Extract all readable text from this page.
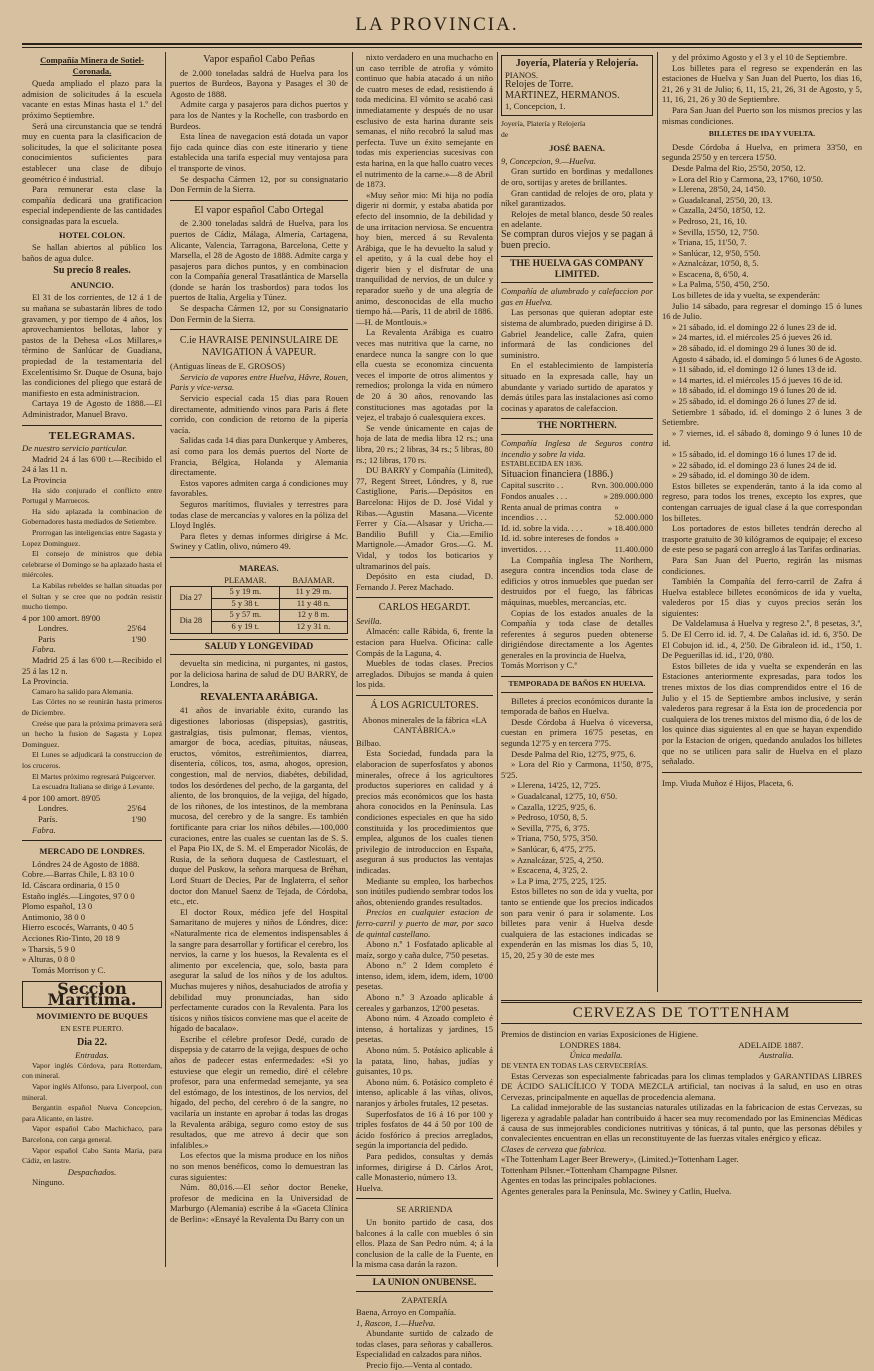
LA PROVINCIA.
Compañía Minera de Sotiel-Coronada.

Queda ampliado el plazo para la admision de solicitudes á la escuela vacante en estas Minas hasta el 1.º del próximo Septiembre.

Será una circunstancia que se tendrá muy en cuenta para la clasificacion de solicitudes, la que el solicitante posea conocimientos suficientes para establecer una clase de dibujo geométrico é industrial.

Para remunerar esta clase la compañía dedicará una gratificacion especial independiente de las cantidades consignadas para la escuela.

HOTEL COLON.

Se hallan abiertos al público los baños de agua dulce.

Su precio 8 reales.
ANUNCIO.

El 31 de los corrientes, de 12 á 1 de su mañana se subastarán libres de todo gravamen, y por tiempo de 4 años, los aprovechamientos bellotas, labor y pastos de la Dehesa «Los Millares,» término de Sanlúcar de Guadiana, propiedad de la testamentaria del Excelentísimo Sr. Duque de Osuna, bajo las condiciones del pliego que estará de manifiesto en esta administracion.

Cartaya 19 de Agosto de 1888.—El Administrador, Manuel Bravo.

TELEGRAMAS.

De nuestro servicio particular.

Madrid 24 á las 6'00 t.—Recibido el 24 á las 11 n.

La Provincia

Ha sido conjurado el conflicto entre Portugal y Marruecos.

Ha sido aplazada la combinacion de Gobernadores hasta mediados de Setiembre.

Prorrogan las inteligencias entre Sagasta y Lopez Dominguez.

El consejo de ministros que debia celebrarse el Domingo se ha aplazado hasta el miércoles.

La Kabilas rebeldes se hallan situadas por el Sultan y se cree que no podrán resistir mucho tiempo.

4 por 100 amort. 89'00

Londres.	25'64
Paris	1'90

Fabra.

Madrid 25 á las 6'00 t.—Recibido el 25 á las 12 n.

La Provincia.

Camaro ha salido para Alemania.

Las Córtes no se reunirán hasta primeros de Diciembre.

Creése que para la próxima primavera será un hecho la fusion de Sagasta y Lopez Dominguez.

El Lunes se adjudicará la construccion de los cruceros.

El Martes próximo regresará Puigcerver.

La escuadra Italiana se dirige á Levante.

4 por 100 amort. 89'05

Londres.	25'64
París.	1'90

Fabra.

MERCADO DE LONDRES.

Lóndres 24 de Agosto de 1888.

Cobre.—Barras Chile, L 83 10 0

Id. Cáscara ordinaria, 0 15 0

Estaño inglés.—Lingotes, 97 0 0

Plomo español, 13 0

Antimonio, 38 0 0

Hierro escocés, Warrants, 0 40 5

Acciones Rio-Tinto, 20 18 9

» Tharsis, 5 9 0

» Alturas, 0 8 0

Tomás Morrison y C.

Seccion Marítima.
MOVIMIENTO DE BUQUES
EN ESTE PUERTO.
Dia 22.
Entradas.

Vapor inglés Córdova, para Rotterdam, con mineral.

Vapor inglés Alfonso, para Liverpool, con mineral.

Bergantin español Nueva Concepcion, para Alicante, en lastre.

Vapor español Cabo Machichaco, para Barcelona, con carga general.

Vapor español Cabo Santa Maria, para Cádiz, en lastre.

Despachados.

Ninguno.

Vapor español Cabo Peñas

de 2.000 toneladas saldrá de Huelva para los puertos de Burdeos, Bayona y Pasages el 30 de Agosto de 1888.

Admite carga y pasajeros para dichos puertos y para los de Nantes y la Rochelle, con trasbordo en Burdeos.

Esta línea de navegacion está dotada un vapor fijo cada quince días con este itinerario y tiene establecida una tarifa especial muy ventajosa para el transporte de vinos.

Se despacha Cármen 12, por su consignatario Don Fermin de la Sierra.

El vapor español Cabo Ortegal

de 2.300 toneladas saldrá de Huelva, para los puertos de Cádiz, Málaga, Almería, Cartagena, Alicante, Valencia, Tarragona, Barcelona, Cette y Marsella, el 28 de Agosto de 1888. Admite carga y pasajeros para dichos puntos, y en combinacion con la Compañía general Trasatlántica de Marsella (donde se harán los trasbordos) para todos los puertos de Italia, Argelia y Túnez.

Se despacha Cármen 12, por su Consignatario Don Fermin de la Sierra.

C.ie HAVRAISE PENINSULAIRE DE NAVIGATION Á VAPEUR.

(Antiguas líneas de E. GROSOS)

Servicio de vapores entre Huelva, Hâvre, Rouen, Paris y vice-versa.

Servicio especial cada 15 dias para Rouen directamente, admitiendo vinos para Paris á flete corrido, con condicion de retorno de la pipería vacía.

Salidas cada 14 dias para Dunkerque y Amberes, así como para los demás puertos del Norte de Francia, Bélgica, Holanda y Alemania directamente.

Estos vapores admiten carga á condiciones muy favorables.

Seguros marítimos, fluviales y terrestres para todas clase de mercancías y valores en la póliza del Lloyd Inglés.

Para fletes y demas informes dirigirse á Mc. Swiney y Catlin, olivo, número 49.

MAREAS.
	PLEAMAR.	BAJAMAR.
Dia 27	5 y 19 m.	11 y 29 m.
	5 y 38 t.	11 y 48 n.
Dia 28	5 y 57 m.	12 y 8 m.
	6 y 19 t.	12 y 31 n.
SALUD Y LONGEVIDAD

devuelta sin medicina, ni purgantes, ni gastos, por la deliciosa harina de salud de DU BARRY, de Londres, la

REVALENTA ARÁBIGA.

41 años de invariable éxito, curando las digestiones laboriosas (dispepsias), gastritis, gastralgias, tisis pulmonar, flemas, vientos, amargor de boca, acedías, pituitas, náuseas, eructos, vómitos, estreñimientos, diarrea, disentería, cólicos, tos, asma, ahogos, opresion, congestion, mal de nervios, diabétes, debilidad, todos los desórdenes del pecho, de la garganta, del aliento, de los bronquios, de la vejiga, del hígado, de los riñones, de los intestinos, de la membrana mucosa, del cerebro y de la sangre. Es también fortificante para criar los niños débiles.—100,000 curaciones, entre las cuales se cuentan las de S. S. el Papa Pio IX, de S. M. el Emperador Nicolás, de Rusia, de la señora duquesa de Castlestuart, el duque del Puskow, la señora marquesa de Bréhan, Lord Stuart de Decies, Par de Inglaterra, el señor doctor don Manuel Saenz de Tejada, de Córdoba, etc., etc.

El doctor Roux, médico jefe del Hospital Samaritano de mujeres y niños de Lóndres, dice: «Naturalmente rica de elementos indispensables á la sangre para desarrollar y fortificar el cerebro, los nervios, la carne y los huesos, la Revalenta es el alimento por excelencia, que, solo, basta para asegurar la salud de los niños y de los adultos. Muchas mujeres y niños, desahuciados de atrofia y debilidad muy pronunciadas, han sido perfectamente curados con la Revalenta. Para los tísicos y niños tísicos conviene mas que el aceite de hígado de bacalao».

Escribe el célebre profesor Dedé, curado de dispepsia y de catarro de la vejiga, despues de ocho años de padecer estas enfermedades: «Si yo estuviese que elegir un remedio, diré el célebre profesor, para una enfermedad semejante, ya sea del estómago, de los intestinos, de los nervios, del hígado, del pecho, del cerebro ó de la sangre, no vacilaría un instante en aprobar á todas las drogas la Revalenta arábiga, seguro como estoy de sus resultados, que me atrevo á decir que son infalibles.»

Los efectos que la misma produce en los niños no son menos benéficos, como lo demuestran las curas siguientes:

Núm. 80,016.—El señor doctor Beneke, profesor de medicina en la Universidad de Marburgo (Alemania) escribe á la «Gaceta Clínica de Berlin»: «Ensayé la Revalenta Du Barry con un

nixto verdadero en una muchacho en un caso terrible de atrofia y vómito continuo que habia atacado á un niño de cuatro meses de edad, resistiendo á toda medicina. El vómito se acabó casi inmediatamente y después de no usar esclusivo de esta harina durante seis semanas, el niño recobró la salud mas perfecta. Tuve un éxito semejante en todas mis experiencias sucesivas con esta harina, en la que hallo cuatro veces el nutrimento de la carne.»—8 de Abril de 1873.

«Muy señor mio: Mi hija no podía digerir ni dormir, y estaba abatida por efecto del insomnio, de la debilidad y de una irritacion nerviosa. Se encuentra hoy bien, merced á su Revalenta Arábiga, que le ha devuelto la salud y el apetito, y á la cual debe hoy el digerir bien y el disfrutar de una tranquilidad de nervios, de un dulce y reparador sueño y de una alegría de animo, desconocidas de ella mucho tiempo há.—París, 11 de abril de 1886.—H. de Montlouis.»

La Revalenta Arábiga es cuatro veces mas nutritiva que la carne, no enardece nunca la sangre con lo que ella cuesta se economiza cincuenta veces el importe de otros alimentos y remedios; prolonga la vida en número de 20 á 30 años, renovando las constituciones mas agotadas por la vejez, el trabajo ó cualesquiera exces.

Se vende únicamente en cajas de hoja de lata de media libra 12 rs.; una libra, 20 rs.; 2 libras, 34 rs.; 5 libras, 80 rs.; 12 libras, 170 rs.

DU BARRY y Compañía (Limited), 77, Regent Street, Lóndres, y 8, rue Castiglione, Paris.—Depósitos en Barcelona: Hijos de D. José Vidal y Ribas.—Agustin Masana.—Vicente Ferrer y Cía.—Alsasar y Uricha.—Bandilio Bufill y Cia.—Emilio Martignole.—Amador Gros.—G. M. Vidal, y todos los boticarios y ultramarinos del país.

Depósito en esta ciudad, D. Fernando J. Perez Machado.

CARLOS HEGARDT.

Sevilla.

Almacén: calle Rábida, 6, frente la estacion para Huelva. Oficina: calle Compás de la Laguna, 4.

Muebles de todas clases. Precios arreglados. Dibujos se manda á quien los pida.

Á LOS AGRICULTORES.
Abonos minerales de la fábrica «LA CANTÁBRICA.»

Bilbao.

Esta Sociedad, fundada para la elaboracion de superfosfatos y abonos minerales, ofrece á los agricultores productos superiores en calidad y á precios más económicos que los hasta ahora conocidos en la Península. Las condiciones especiales en que ha sido constituida y los procedimientos que emplea, algunos de los cuales tienen privilegio de introduccion en España, aseguran á sus productos las ventajas indicadas.

Mediante su empleo, los barbechos son inútiles pudiendo sembrar todos los años, obteniendo grandes resultados.

Precios en cualquier estacion de ferro-carril y puerto de mar, por saco de quintal castellano.

Abono n.º 1 Fosfatado aplicable al maíz, sorgo y caña dulce, 7'50 pesetas.

Abono n.º 2 Idem completo é intenso, idem, idem, idem, idem, 10'00 pesetas.

Abono n.º 3 Azoado aplicable á cereales y garbanzos, 12'00 pesetas.

Abono núm. 4 Azoado completo é intenso, á hortalizas y jardines, 15 pesetas.

Abono núm. 5. Potásico aplicable á la patata, lino, habas, judías y guisantes, 10 ps.

Abono núm. 6. Potásico completo é intenso, aplicable á las viñas, olivos, naranjos y árboles frutales, 12 pesetas.

Superfosfatos de 16 á 16 por 100 y triples fosfatos de 44 á 50 por 100 de ácido fosfórico á precios arreglados, según la importancia del pedido.

Para pedidos, consultas y demás informes, dirigirse á D. Cárlos Arot, calle Monasterio, número 13.

Huelva.

SE ARRIENDA

Un bonito partido de casa, dos balcones á la calle con muebles ó sin ellos. Plaza de San Pedro núm. 4; á la conclusion de la calle de la Fuente, en la misma casa darán la razon.

LA UNION ONUBENSE.
ZAPATERÍA

Baena, Arroyo en Compañía.

1, Rascon, 1.—Huelva.

Abundante surtido de calzado de todas clases, para señoras y caballeros. Especialidad en calzados para niños.

Precio fijo.—Venta al contado.

Joyería, Platería y Relojería.

PIANOS.

Relojes de Torre.

MARTINEZ, HERMANOS.

1, Concepcion, 1.

Joyería, Platería y Relojería

de

JOSÉ BAENA.

9, Concepcion, 9.—Huelva.

Gran surtido en bordinas y medallones de oro, sortijas y aretes de brillantes.

Gran cantidad de relojes de oro, plata y níkel garantizados.

Relojes de metal blanco, desde 50 reales en adelante.

Se compran duros viejos y se pagan á buen precio.

THE HUELVA GAS COMPANY LIMITED.

Compañía de alumbrado y calefaccion por gas en Huelva.

Las personas que quieran adoptar este sistema de alumbrado, pueden dirigirse á D. Gabriel Jeandelice, calle Zafra, quien informará de las condiciones del suministro.

En el establecimiento de lampistería situado en la expresada calle, hay un abundante y variado surtido de aparatos y demás útiles para las instalaciones así como cocinas y aparatos de calefaccion.

THE NORTHERN.

Compañía Inglesa de Seguros contra incendio y sobre la vida.

ESTABLECIDA EN 1836.

Situacion financiera (1886.)

Capital suscrito . .	Rvn. 300.000.000
Fondos anuales . . .	» 289.000.000
Renta anual de primas contra incendios . . .
» 52.000.000
Id. id. sobre la vida. . . .	» 18.400.000
Id. id. sobre intereses de fondos invertidos. . . .
» 11.400.000

La Compañía inglesa The Northern, asegura contra incendios toda clase de edificios y otros inmuebles que puedan ser destruidos por el fuego, las fábricas máquinas, muebles, mercancías, etc.

Copias de los estados anuales de la Compañía y toda clase de detalles referentes á seguros pueden obtenerse dirigiéndose directamente a los Agentes generales en la provincia de Huelva,

Tomás Morrison y C.ª

TEMPORADA DE BAÑOS EN HUELVA.

Billetes á precios económicos durante la temporada de baños en Huelva.

Desde Córdoba á Huelva ó viceversa, cuestan en primera 16'75 pesetas, en segunda 12'75 y en tercera 7'75.

Desde Palma del Rio, 12'75, 9'75, 6.

» Lora del Rio y Carmona, 11'50, 8'75, 5'25.

» Llerena, 14'25, 12, 7'25.

» Guadalcanal, 12'75, 10, 6'50.

» Cazalla, 12'25, 9'25, 6.

» Pedroso, 10'50, 8, 5.

» Sevilla, 7'75, 6, 3'75.

» Triana, 7'50, 5'75, 3'50.

» Sanlúcar, 6, 4'75, 2'75.

» Aznalcázar, 5'25, 4, 2'50.

» Escacena, 4, 3'25, 2.

» La P ima, 2'75, 2'25, 1'25.

Estos billetes no son de ida y vuelta, por tanto se entiende que los precios indicados son para venir ó para ir solamente. Los billetes para venir á Huelva desde cualquiera de las estaciones indicadas se expenderán en las mismas los dias 5, 10, 15, 20, 25 y 30 de este mes

y del próximo Agosto y el 3 y el 10 de Septiembre.

Los billetes para el regreso se expenderán en las estaciones de Huelva y San Juan del Puerto, los dias 16, 21, 26 y 31 de Julio; 6, 11, 15, 21, 26, 31 de Agosto, y 5, 11, 16, 21, 26 y 30 de Septiembre.

Para San Juan del Puerto son los mismos precios y las mismas condiciones.

BILLETES DE IDA Y VUELTA.

Desde Córdoba á Huelva, en primera 33'50, en segunda 25'50 y en tercera 15'50.

Desde Palma del Rio, 25'50, 20'50, 12.

» Lora del Rio y Carmona, 23, 17'60, 10'50.

» Llerena, 28'50, 24, 14'50.

» Guadalcanal, 25'50, 20, 13.

» Cazalla, 24'50, 18'50, 12.

» Pedroso, 21, 16, 10.

» Sevilla, 15'50, 12, 7'50.

» Triana, 15, 11'50, 7.

» Sanlúcar, 12, 9'50, 5'50.

» Aznalcázar, 10'50, 8, 5.

» Escacena, 8, 6'50, 4.

» La Palma, 5'50, 4'50, 2'50.

Los billetes de ida y vuelta, se expenderán:

Julio 14 sábado, para regresar el domingo 15 ó lunes 16 de Julio.

» 21 sábado, id. el domingo 22 ó lunes 23 de id.

» 24 martes, id. el miércoles 25 ó jueves 26 id.

» 28 sábado, id. el domingo 29 ó lunes 30 de id.

Agosto 4 sábado, id. el domingo 5 ó lunes 6 de Agosto.

» 11 sábado, id. el domingo 12 ó lunes 13 de id.

» 14 martes, id. el miércoles 15 ó jueves 16 de id.

» 18 sábado, id. el domingo 19 ó lunes 20 de id.

» 25 sábado, id. el domingo 26 ó lunes 27 de id.

Setiembre 1 sábado, id. el domingo 2 ó lunes 3 de Setiembre.

» 7 viernes, id. el sábado 8, domingo 9 ó lunes 10 de id.

» 15 sábado, id. el domingo 16 ó lunes 17 de id.

» 22 sábado, id. el domingo 23 ó lunes 24 de id.

» 29 sábado, id. el domingo 30 de idem.

Estos billetes se expenderán, tanto á la ida como al regreso, para todos los trenes, excepto los expres, que contengan carruajes de igual clase á la que correspondan los billetes.

Los portadores de estos billetes tendrán derecho al trasporte gratuito de 30 kilógramos de equipaje; el exceso de este peso se pagará con arreglo á las Tarifas ordinarias.

Para San Juan del Puerto, regirán las mismas condiciones.

También la Compañía del ferro-carril de Zafra á Huelva establece billetes económicos de ida y vuelta, valederos por 15 dias y cuyos precios serán los siguientes:

De Valdelamusa á Huelva y regreso 2.º, 8 pesetas, 3.ª, 5. De El Cerro id. id. 7, 4. De Calañas id. id. 6, 3'50. De El Cobujon id. id., 4, 2'50. De Gibraleon id. id., 1'50, 1. De Peguerillas id. id., 1'20, 0'80.

Estos billetes de ida y vuelta se expenderán en las Estaciones anteriormente expresadas, para todos los trenes mixtos de los dias comprendidos entre el 16 de Julio y el 15 de Septiembre ambos inclusive, y serán valederos para regresar á la Esta ion de procedencia por cualquiera de los trenes mixtos del mismo dia, ó de los de los quince dias siguientes al en que se hayan expendido por la Estacion de origen, quedando anulados los billetes que no se utilicen para salir de Huelva en el plazo señalado.

Imp. Viuda Muñoz é Hijos, Placeta, 6.

CERVEZAS DE TOTTENHAM

Premios de distincion en varias Exposiciones de Higiene.

LONDRES 1884.	ADELAIDE 1887.
Única medalla.	Australia.

DE VENTA EN TODAS LAS CERVECERÍAS.

Estas Cervezas son especialmente fabricadas para los climas templados y GARANTIDAS LIBRES DE ÁCIDO SALICÍLICO Y TODA MEZCLA artificial, tan nocivas á la salud, en uso en otras Cervezas, principalmente en aquellas de procedencia alemana.

La calidad inmejorable de las sustancias naturales utilizadas en la fabricacion de estas Cervezas, su ligereza y agradable paladar han contribuido á hacer sea muy recomendado por las Eminencias Médicas á causa de sus inmejorables condiciones nutritivas y tónicas, á tal punto, que las personas débiles y convalecientes encuentran en ellas un reconstituyente de las fuerzas vitales enérgico y eficaz.

Clases de cerveza que fabrica.

«The Tottenham Lager Beer Brewery», (Limited.)=Tottenham Lager.

Tottenham Pilsner.=Tottenham Champagne Pilsner.

Agentes en todas las principales poblaciones.

Agentes generales para la Península, Mc. Swiney y Catlin, Huelva.
